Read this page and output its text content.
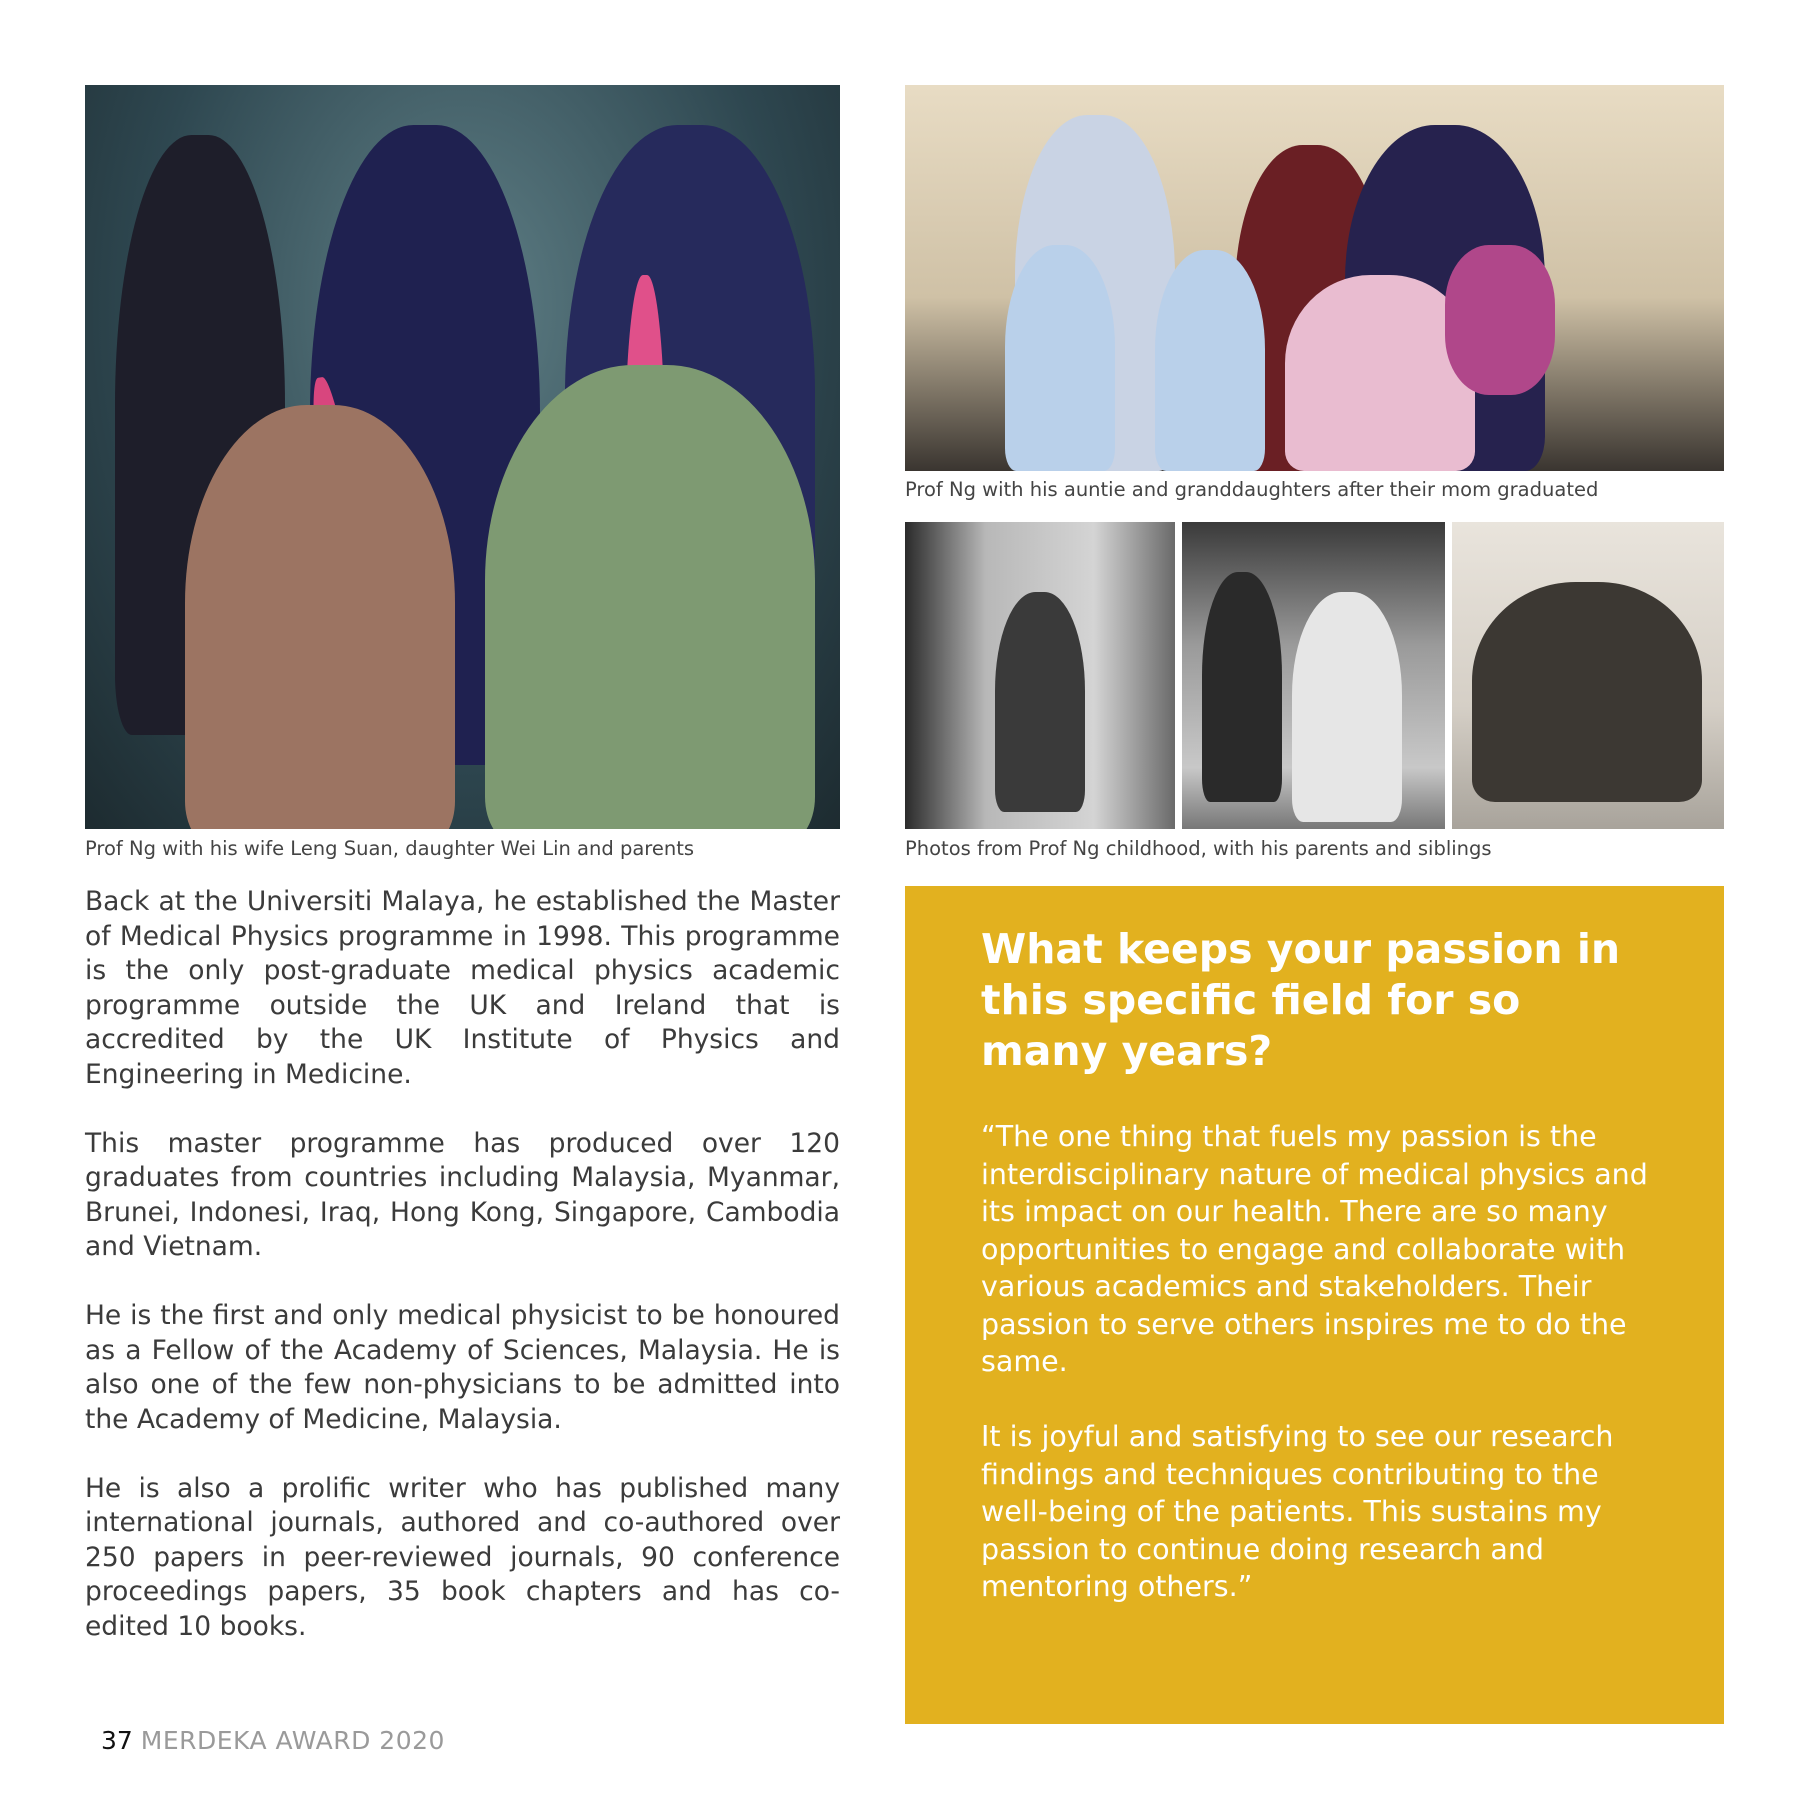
Prof Ng with his wife Leng Suan, daughter Wei Lin and parents
Prof Ng with his auntie and granddaughters after their mom graduated
Photos from Prof Ng childhood, with his parents and siblings

Back at the Universiti Malaya, he established the Master of Medical Physics programme in 1998. This programme is the only post-graduate medical physics academic programme outside the UK and Ireland that is accredited by the UK Institute of Physics and Engineering in Medicine.

This master programme has produced over 120 graduates from countries including Malaysia, Myanmar, Brunei, Indonesi, Iraq, Hong Kong, Singapore, Cambodia and Vietnam.

He is the first and only medical physicist to be honoured as a Fellow of the Academy of Sciences, Malaysia. He is also one of the few non-physicians to be admitted into the Academy of Medicine, Malaysia.

He is also a prolific writer who has published many international journals, authored and co-authored over 250 papers in peer-reviewed journals, 90 conference proceedings papers, 35 book chapters and has co-edited 10 books.

What keeps your passion in this specific field for so many years?

“The one thing that fuels my passion is the interdisciplinary nature of medical physics and its impact on our health. There are so many opportunities to engage and collaborate with various academics and stakeholders. Their passion to serve others inspires me to do the same.

It is joyful and satisfying to see our research findings and techniques contributing to the well-being of the patients. This sustains my passion to continue doing research and mentoring others.”

37 MERDEKA AWARD 2020
